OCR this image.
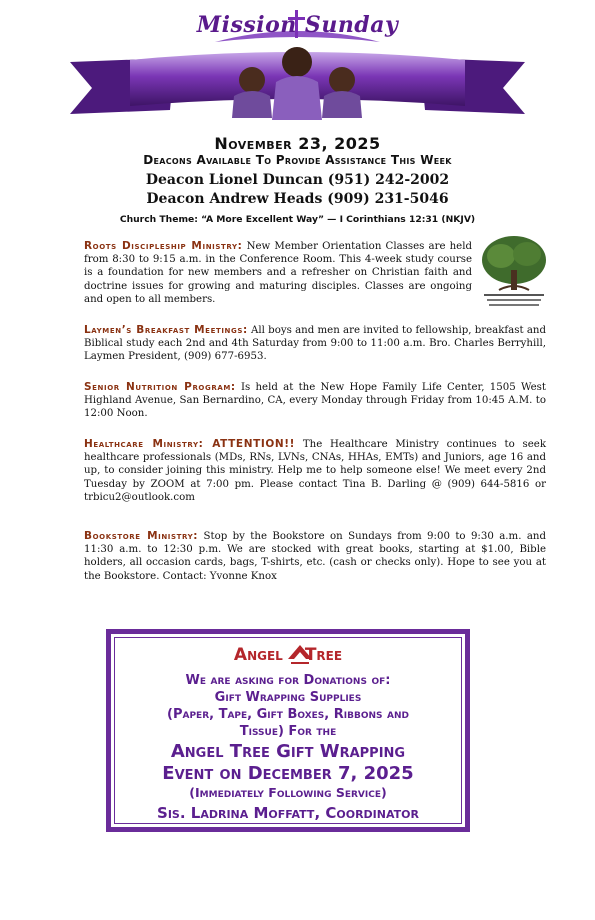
Mission Sunday
November 23, 2025
Deacons Available To Provide Assistance This Week
Deacon Lionel Duncan (951) 242-2002
Deacon Andrew Heads (909) 231-5046
Church Theme: “A More Excellent Way” — I Corinthians 12:31 (NKJV)
Roots Discipleship Ministry: New Member Orientation Classes are held from 8:30 to 9:15 a.m. in the Conference Room. This 4-week study course is a foundation for new members and a refresher on Christian faith and doctrine issues for growing and maturing disciples. Classes are ongoing and open to all members.
Laymen’s Breakfast Meetings: All boys and men are invited to fellowship, breakfast and Biblical study each 2nd and 4th Saturday from 9:00 to 11:00 a.m. Bro. Charles Berryhill, Laymen President, (909) 677-6953.
Senior Nutrition Program: Is held at the New Hope Family Life Center, 1505 West Highland Avenue, San Bernardino, CA, every Monday through Friday from 10:45 A.M. to 12:00 Noon.
Healthcare Ministry: ATTENTION!! The Healthcare Ministry continues to seek healthcare professionals (MDs, RNs, LVNs, CNAs, HHAs, EMTs) and Juniors, age 16 and up, to consider joining this ministry. Help me to help someone else! We meet every 2nd Tuesday by ZOOM at 7:00 pm. Please contact Tina B. Darling @ (909) 644-5816 or trbicu2@outlook.com
Bookstore Ministry: Stop by the Bookstore on Sundays from 9:00 to 9:30 a.m. and 11:30 a.m. to 12:30 p.m. We are stocked with great books, starting at $1.00, Bible holders, all occasion cards, bags, T-shirts, etc. (cash or checks only). Hope to see you at the Bookstore. Contact: Yvonne Knox
Angel Tree
We are asking for Donations of:
Gift Wrapping Supplies
(Paper, Tape, Gift Boxes, Ribbons and
Tissue) For the
Angel Tree Gift Wrapping
Event on December 7, 2025
(Immediately Following Service)
Sis. Ladrina Moffatt, Coordinator
